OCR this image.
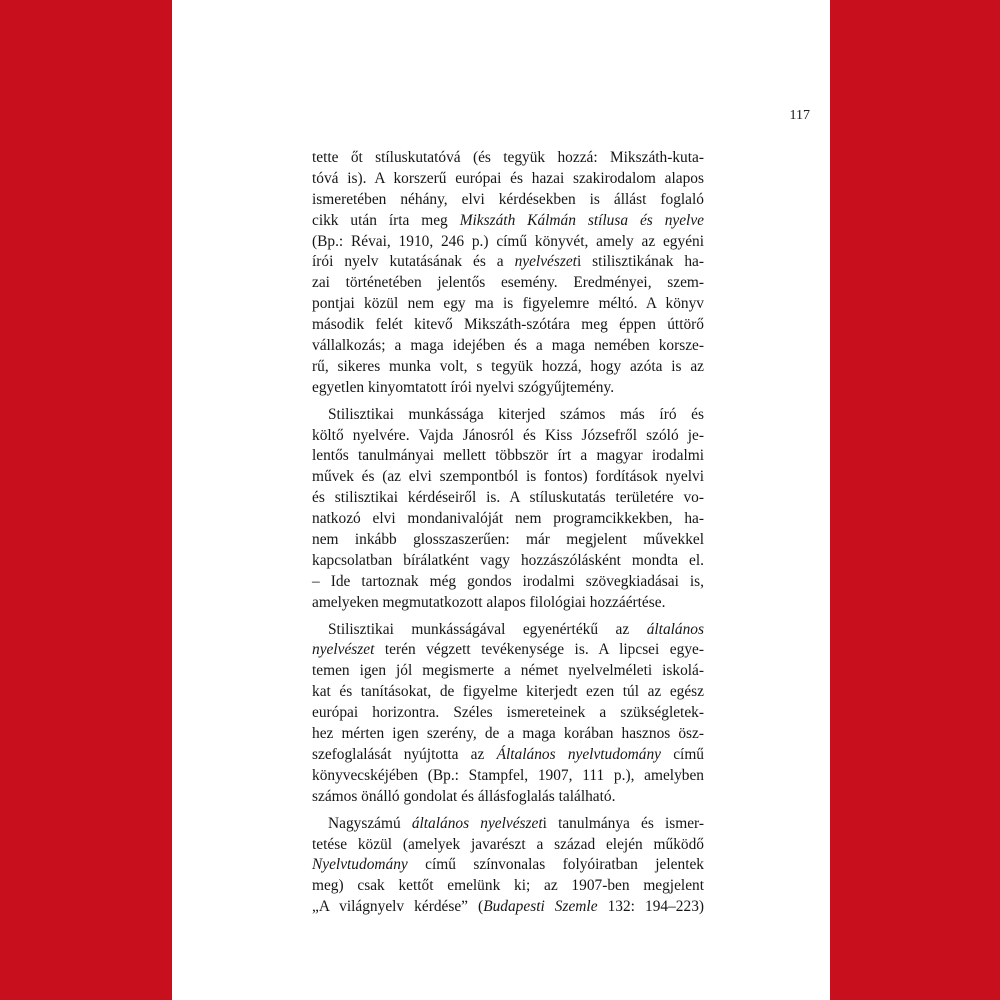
117
tette őt stíluskutatóvá (és tegyük hozzá: Mikszáth-kuta-
tóvá is). A korszerű európai és hazai szakirodalom alapos
ismeretében néhány, elvi kérdésekben is állást foglaló
cikk után írta meg Mikszáth Kálmán stílusa és nyelve
(Bp.: Révai, 1910, 246 p.) című könyvét, amely az egyéni
írói nyelv kutatásának és a nyelvészeti stilisztikának ha-
zai történetében jelentős esemény. Eredményei, szem-
pontjai közül nem egy ma is figyelemre méltó. A könyv
második felét kitevő Mikszáth-szótára meg éppen úttörő
vállalkozás; a maga idejében és a maga nemében korsze-
rű, sikeres munka volt, s tegyük hozzá, hogy azóta is az
egyetlen kinyomtatott írói nyelvi szógyűjtemény.
Stilisztikai munkássága kiterjed számos más író és
költő nyelvére. Vajda Jánosról és Kiss Józsefről szóló je-
lentős tanulmányai mellett többször írt a magyar irodalmi
művek és (az elvi szempontból is fontos) fordítások nyelvi
és stilisztikai kérdéseiről is. A stíluskutatás területére vo-
natkozó elvi mondanivalóját nem programcikkekben, ha-
nem inkább glosszaszerűen: már megjelent művekkel
kapcsolatban bírálatként vagy hozzászólásként mondta el.
– Ide tartoznak még gondos irodalmi szövegkiadásai is,
amelyeken megmutatkozott alapos filológiai hozzáértése.
Stilisztikai munkásságával egyenértékű az általános
nyelvészet terén végzett tevékenysége is. A lipcsei egye-
temen igen jól megismerte a német nyelvelméleti iskolá-
kat és tanításokat, de figyelme kiterjedt ezen túl az egész
európai horizontra. Széles ismereteinek a szükségletek-
hez mérten igen szerény, de a maga korában hasznos ösz-
szefoglalását nyújtotta az Általános nyelvtudomány című
könyvecskéjében (Bp.: Stampfel, 1907, 111 p.), amelyben
számos önálló gondolat és állásfoglalás található.
Nagyszámú általános nyelvészeti tanulmánya és ismer-
tetése közül (amelyek javarészt a század elején működő
Nyelvtudomány című színvonalas folyóiratban jelentek
meg) csak kettőt emelünk ki; az 1907-ben megjelent
„A világnyelv kérdése” (Budapesti Szemle 132: 194–223)
